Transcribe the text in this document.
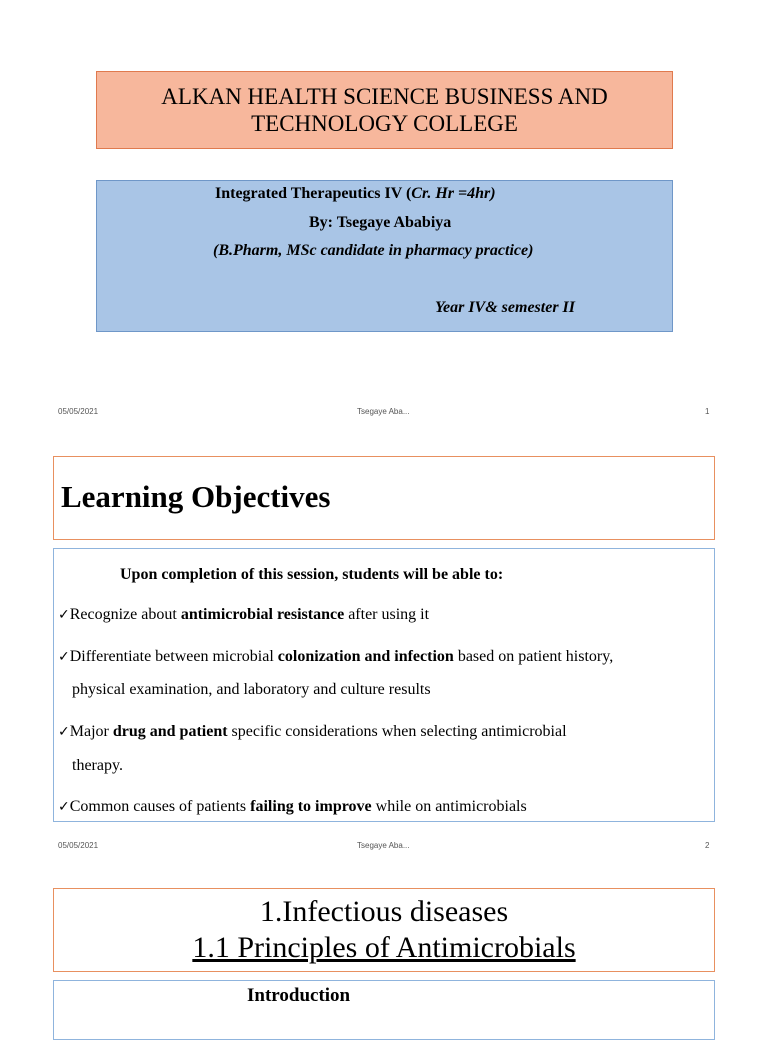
ALKAN HEALTH SCIENCE BUSINESS AND
TECHNOLOGY COLLEGE
Integrated Therapeutics IV (Cr. Hr =4hr)
By: Tsegaye Ababiya
(B.Pharm, MSc candidate in pharmacy practice)
Year IV& semester II
05/05/2021	Tsegaye Aba...	1
Learning Objectives
Upon completion of this session, students will be able to:
✓Recognize about antimicrobial resistance after using it
✓Differentiate between microbial colonization and infection based on patient history,
physical examination, and laboratory and culture results
✓Major drug and patient specific considerations when selecting antimicrobial
therapy.
✓Common causes of patients failing to improve while on antimicrobials
05/05/2021	Tsegaye Aba...	2
1.Infectious diseases
1.1 Principles of Antimicrobials
Introduction
